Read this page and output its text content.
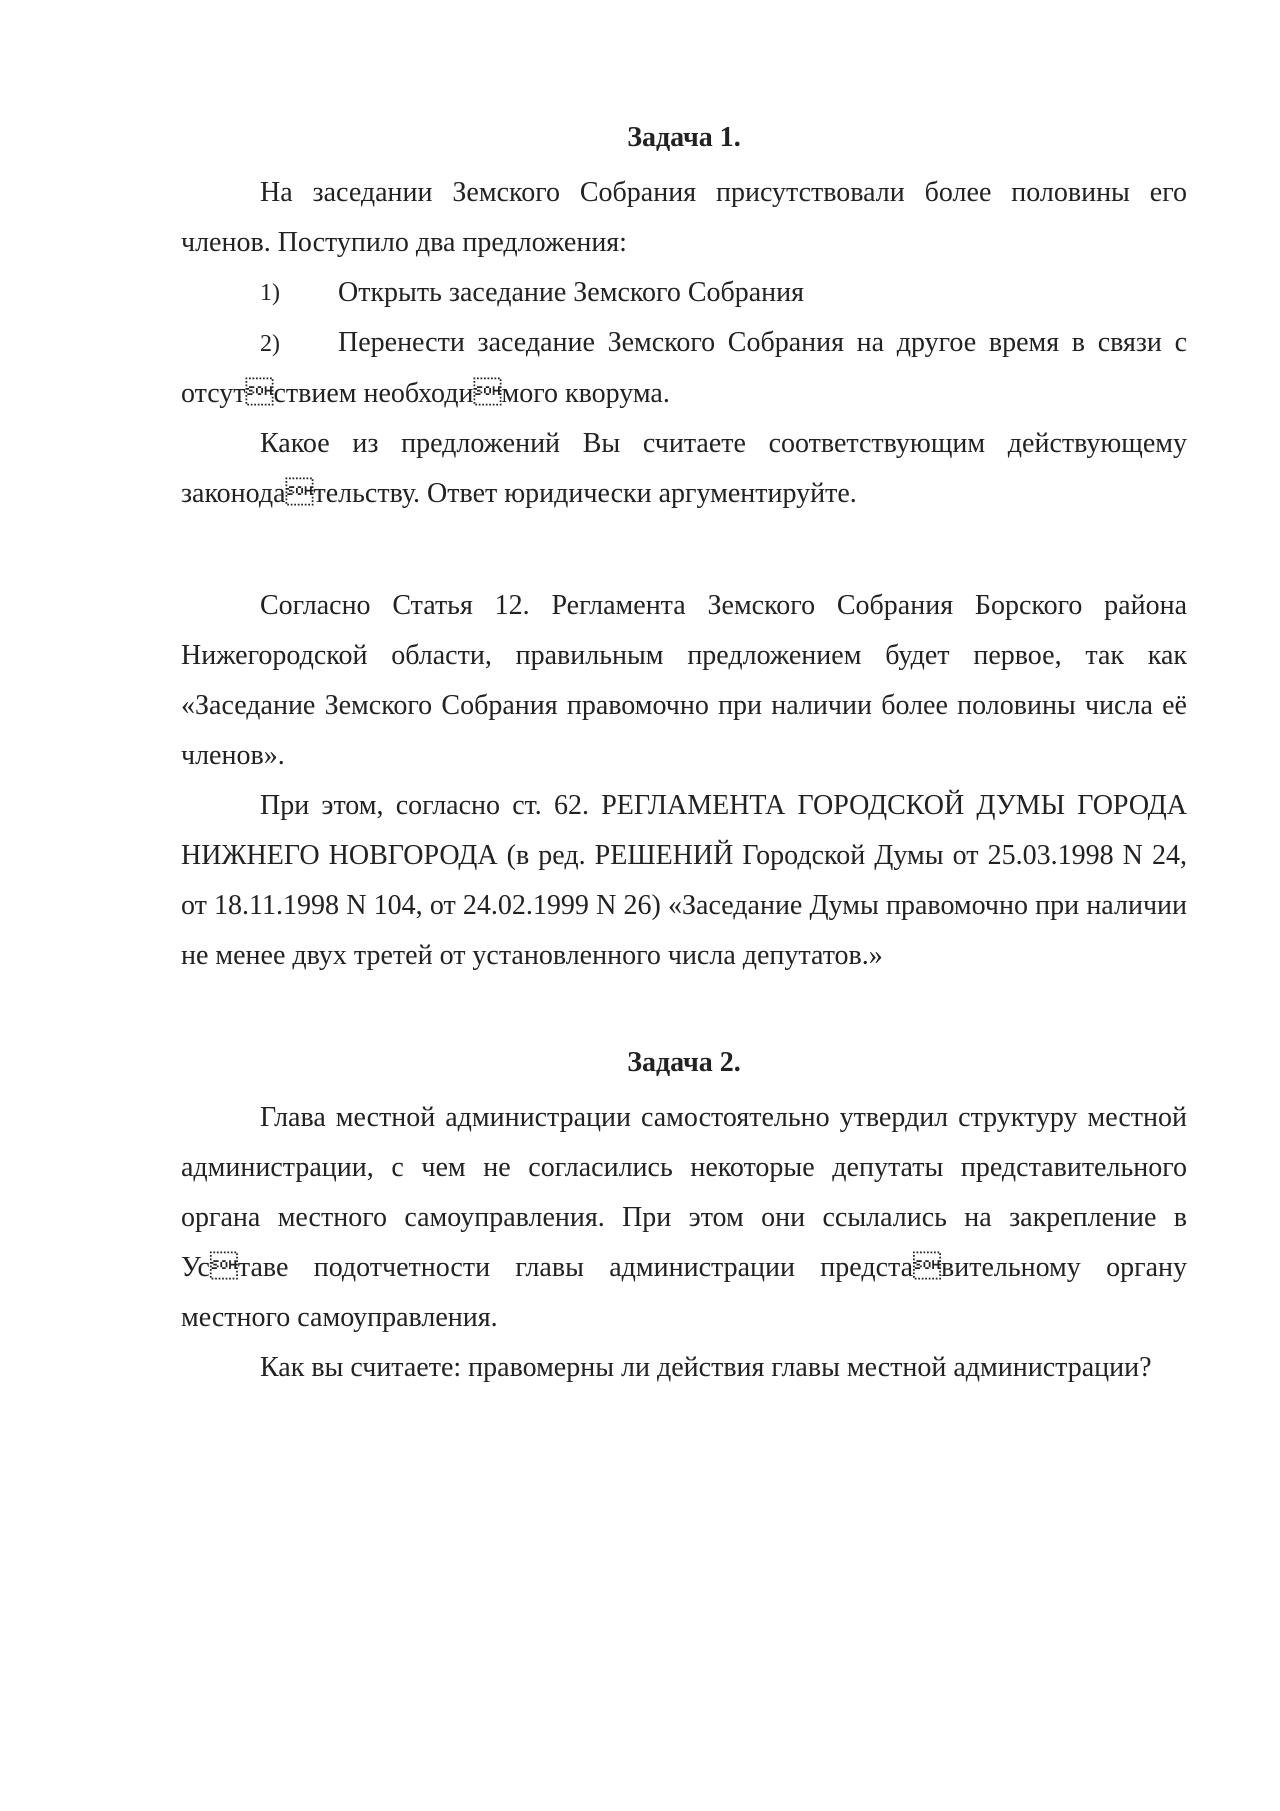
Задача 1.

На заседании Земского Собрания присутствовали более половины его членов. Поступило два предложения:

1)	Открыть заседание Земского Собрания
2) Перенести заседание Земского Собрания на другое время в связи с отсутствием необходимого кворума.

Какое из предложений Вы считаете соответствующим действующему законодательству. Ответ юридически аргументируйте.

Согласно Статья 12. Регламента Земского Собрания Борского района Нижегородской области, правильным предложением будет первое, так как «Заседание Земского Собрания правомочно при наличии более половины числа её членов».

При этом, согласно ст. 62. РЕГЛАМЕНТА ГОРОДСКОЙ ДУМЫ ГОРОДА НИЖНЕГО НОВГОРОДА (в ред. РЕШЕНИЙ Городской Думы от 25.03.1998 N 24, от 18.11.1998 N 104, от 24.02.1999 N 26) «Заседание Думы правомочно при наличии не менее двух третей от установленного числа депутатов.»

Задача 2.

Глава местной администрации самостоятельно утвердил структуру местной администрации, с чем не согласились некоторые депутаты представительного органа местного самоуправления. При этом они ссылались на закрепление в Уставе подотчетности главы администрации представительному органу местного самоуправления.

Как вы считаете: правомерны ли действия главы местной администрации?
